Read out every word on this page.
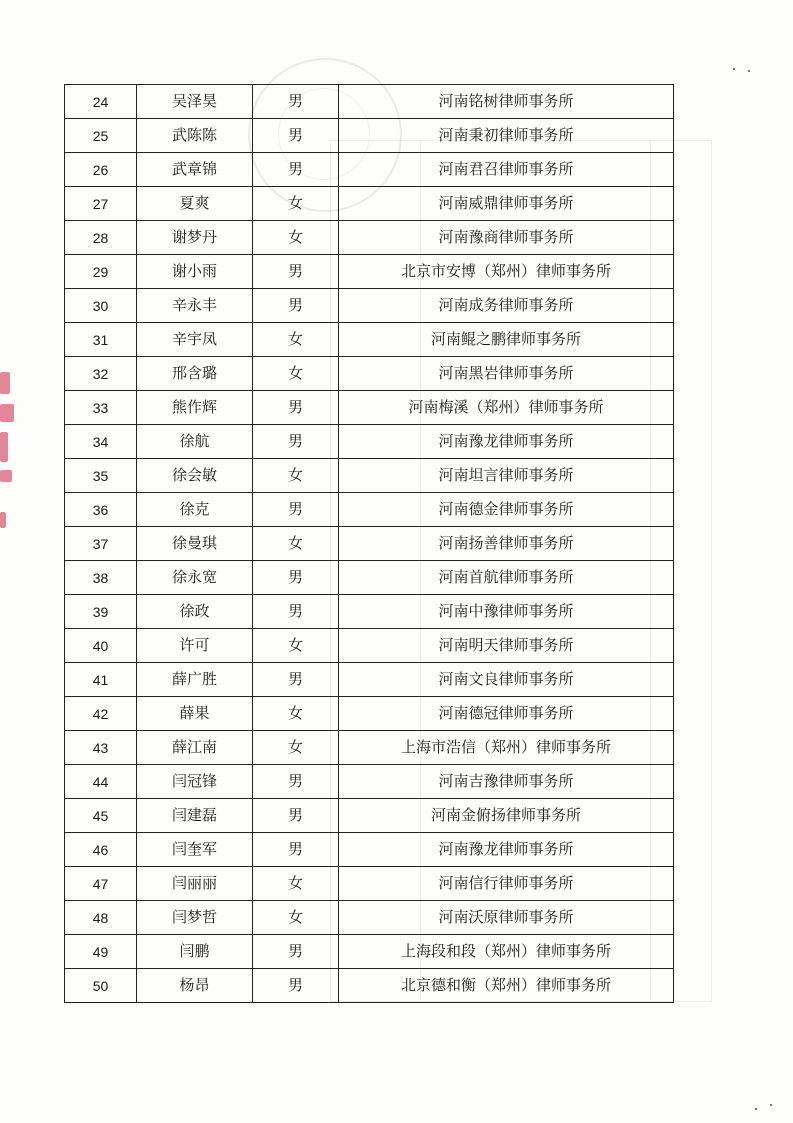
24	吴泽昊	男	河南铭树律师事务所
25	武陈陈	男	河南秉初律师事务所
26	武章锦	男	河南君召律师事务所
27	夏爽	女	河南威鼎律师事务所
28	谢梦丹	女	河南豫商律师事务所
29	谢小雨	男	北京市安博（郑州）律师事务所
30	辛永丰	男	河南成务律师事务所
31	辛宇凤	女	河南鲲之鹏律师事务所
32	邢含璐	女	河南黑岩律师事务所
33	熊作辉	男	河南梅溪（郑州）律师事务所
34	徐航	男	河南豫龙律师事务所
35	徐会敏	女	河南坦言律师事务所
36	徐克	男	河南德金律师事务所
37	徐曼琪	女	河南扬善律师事务所
38	徐永宽	男	河南首航律师事务所
39	徐政	男	河南中豫律师事务所
40	许可	女	河南明天律师事务所
41	薛广胜	男	河南文良律师事务所
42	薛果	女	河南德冠律师事务所
43	薛江南	女	上海市浩信（郑州）律师事务所
44	闫冠锋	男	河南吉豫律师事务所
45	闫建磊	男	河南金俯扬律师事务所
46	闫奎军	男	河南豫龙律师事务所
47	闫丽丽	女	河南信行律师事务所
48	闫梦哲	女	河南沃原律师事务所
49	闫鹏	男	上海段和段（郑州）律师事务所
50	杨昂	男	北京德和衡（郑州）律师事务所
